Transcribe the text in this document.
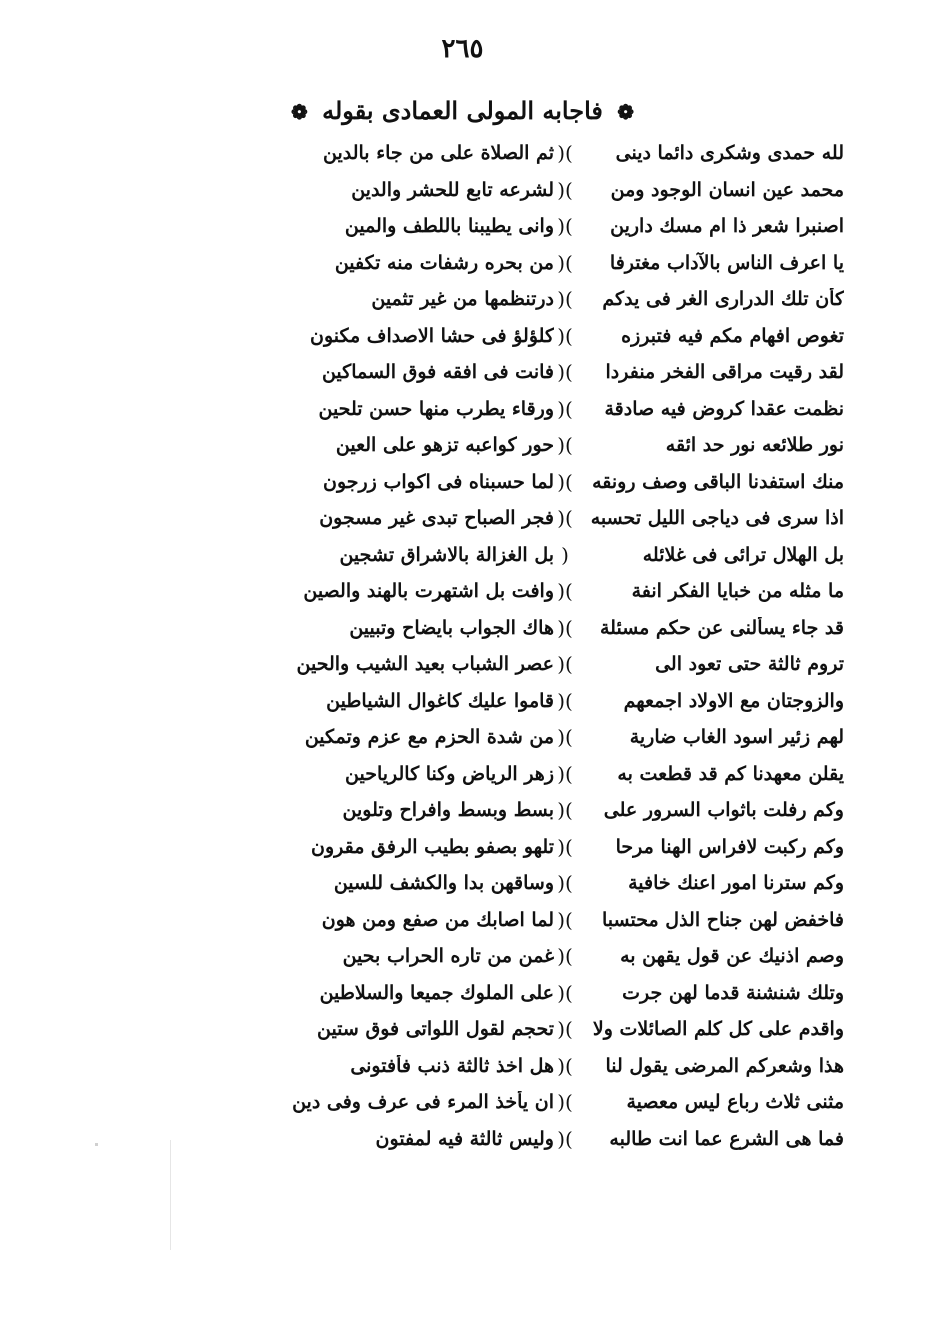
٢٦٥
❁ فاجابه المولى العمادى بقوله ❁
لله حمدى وشكرى دائما دينى
)(
ثم الصلاة على من جاء بالدين
محمد عين انسان الوجود ومن
)(
لشرعه تابع للحشر والدين
اصنبرا شعر ذا ام مسك دارين
)(
وانى يطيبنا باللطف والمين
يا اعرف الناس بالآداب مغترفا
)(
من بحره رشفات منه تكفين
كأن تلك الدرارى الغر فى يدكم
)(
درتنظمها من غير تثمين
تغوص افهام مكم فيه فتبرزه
)(
كلؤلؤ فى حشا الاصداف مكنون
لقد رقيت مراقى الفخر منفردا
)(
فانت فى افقه فوق السماكين
نظمت عقدا كروض فيه صادقة
)(
ورقاء يطرب منها حسن تلحين
نور طلائعه نور حد ائقه
)(
حور كواعبه تزهو على العين
منك استفدنا الباقى وصف رونقه
)(
لما حسبناه فى اكواب زرجون
اذا سرى فى دياجى الليل تحسبه
)(
فجر الصباح تبدى غير مسجون
بل الهلال ترائى فى غلائله
(
بل الغزالة بالاشراق تشجين
ما مثله من خبايا الفكر انفة
)(
وافت بل اشتهرت بالهند والصين
قد جاء يسألنى عن حكم مسئلة
)(
هاك الجواب بايضاح وتبيين
تروم ثالثة حتى تعود الى
)(
عصر الشباب بعيد الشيب والحين
والزوجتان مع الاولاد اجمعهم
)(
قاموا عليك كاغوال الشياطين
لهم زئير اسود الغاب ضارية
)(
من شدة الحزم مع عزم وتمكين
يقلن معهدنا كم قد قطعت به
)(
زهر الرياض وكنا كالرياحين
وكم رفلت باثواب السرور على
)(
بسط وبسط وافراح وتلوين
وكم ركبت لافراس الهنا مرحا
)(
تلهو بصفو بطيب الرفق مقرون
وكم سترنا امور اعنك خافية
)(
وساقهن بدا والكشف للسين
فاخفض لهن جناح الذل محتسبا
)(
لما اصابك من صفع ومن هون
وصم اذنيك عن قول يقهن به
)(
غمن من تاره الحراب بحين
وتلك شنشنة قدما لهن جرت
)(
على الملوك جميعا والسلاطين
واقدم على كل كلم الصائلات ولا
)(
تحجم لقول اللواتى فوق ستين
هذا وشعركم المرضى يقول لنا
)(
هل اخذ ثالثة ذنب فأفتونى
مثنى ثلاث رباع ليس معصية
)(
ان يأخذ المرء فى عرف وفى دين
فما هى الشرع عما انت طالبه
)(
وليس ثالثة فيه لمفتون
